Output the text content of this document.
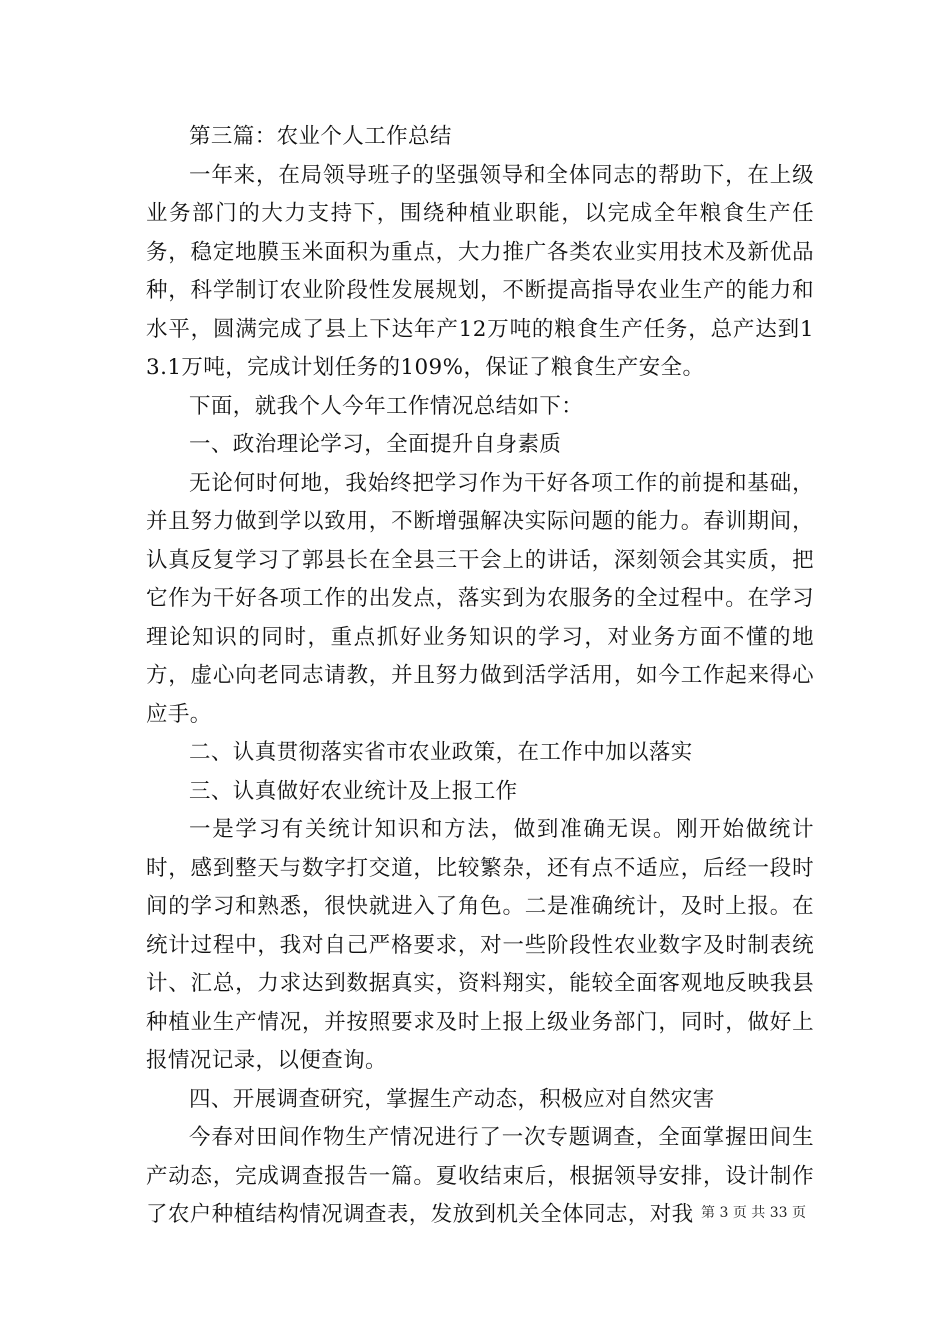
第三篇：农业个人工作总结

一年来，在局领导班子的坚强领导和全体同志的帮助下，在上级业务部门的大力支持下，围绕种植业职能，以完成全年粮食生产任务，稳定地膜玉米面积为重点，大力推广各类农业实用技术及新优品种，科学制订农业阶段性发展规划，不断提高指导农业生产的能力和水平，圆满完成了县上下达年产12万吨的粮食生产任务，总产达到13.1万吨，完成计划任务的109%，保证了粮食生产安全。

下面，就我个人今年工作情况总结如下：

一、政治理论学习，全面提升自身素质

无论何时何地，我始终把学习作为干好各项工作的前提和基础，并且努力做到学以致用，不断增强解决实际问题的能力。春训期间，认真反复学习了郭县长在全县三干会上的讲话，深刻领会其实质，把它作为干好各项工作的出发点，落实到为农服务的全过程中。在学习理论知识的同时，重点抓好业务知识的学习，对业务方面不懂的地方，虚心向老同志请教，并且努力做到活学活用，如今工作起来得心应手。

二、认真贯彻落实省市农业政策，在工作中加以落实

三、认真做好农业统计及上报工作

一是学习有关统计知识和方法，做到准确无误。刚开始做统计时，感到整天与数字打交道，比较繁杂，还有点不适应，后经一段时间的学习和熟悉，很快就进入了角色。二是准确统计，及时上报。在统计过程中，我对自己严格要求，对一些阶段性农业数字及时制表统计、汇总，力求达到数据真实，资料翔实，能较全面客观地反映我县种植业生产情况，并按照要求及时上报上级业务部门，同时，做好上报情况记录，以便查询。

四、开展调查研究，掌握生产动态，积极应对自然灾害

今春对田间作物生产情况进行了一次专题调查，全面掌握田间生产动态，完成调查报告一篇。夏收结束后，根据领导安排，设计制作了农户种植结构情况调查表，发放到机关全体同志，对我 第 3 页 共 33 页
